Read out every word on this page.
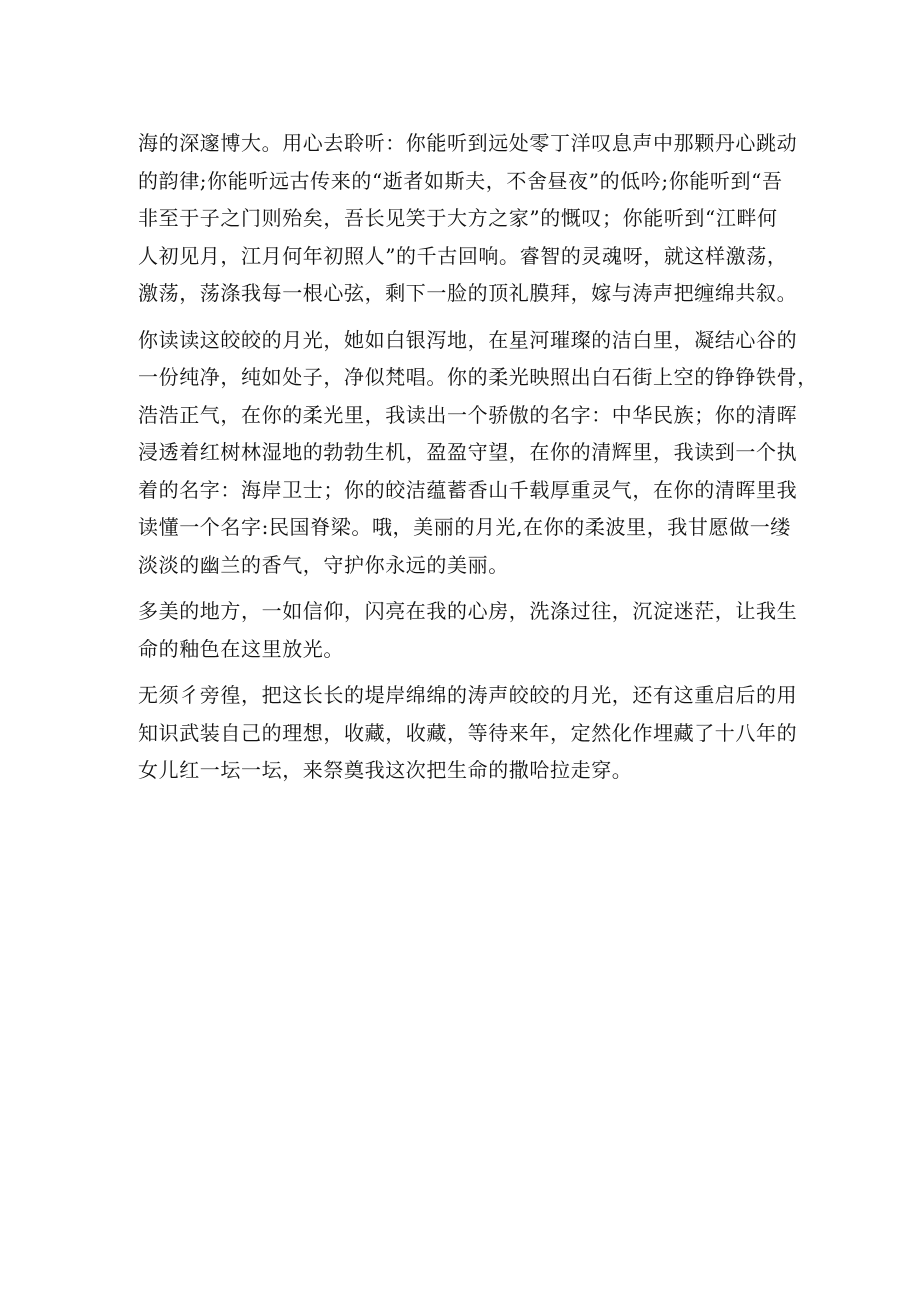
海的深邃博大。用心去聆听：你能听到远处零丁洋叹息声中那颗丹心跳动
的韵律;你能听远古传来的“逝者如斯夫，不舍昼夜”的低吟;你能听到“吾
非至于子之门则殆矣，吾长见笑于大方之家”的慨叹；你能听到“江畔何
人初见月，江月何年初照人”的千古回响。睿智的灵魂呀，就这样激荡，
激荡，荡涤我每一根心弦，剩下一脸的顶礼膜拜，嫁与涛声把缠绵共叙。

你读读这皎皎的月光，她如白银泻地，在星河璀璨的洁白里，凝结心谷的
一份纯净，纯如处子，净似梵唱。你的柔光映照出白石街上空的铮铮铁骨，
浩浩正气，在你的柔光里，我读出一个骄傲的名字：中华民族；你的清晖
浸透着红树林湿地的勃勃生机，盈盈守望，在你的清辉里，我读到一个执
着的名字：海岸卫士；你的皎洁蕴蓄香山千载厚重灵气，在你的清晖里我
读懂一个名字:民国脊梁。哦，美丽的月光,在你的柔波里，我甘愿做一缕
淡淡的幽兰的香气，守护你永远的美丽。

多美的地方，一如信仰，闪亮在我的心房，洗涤过往，沉淀迷茫，让我生
命的釉色在这里放光。

无须彳旁徨，把这长长的堤岸绵绵的涛声皎皎的月光，还有这重启后的用
知识武装自己的理想，收藏，收藏，等待来年，定然化作埋藏了十八年的
女儿红一坛一坛，来祭奠我这次把生命的撒哈拉走穿。
